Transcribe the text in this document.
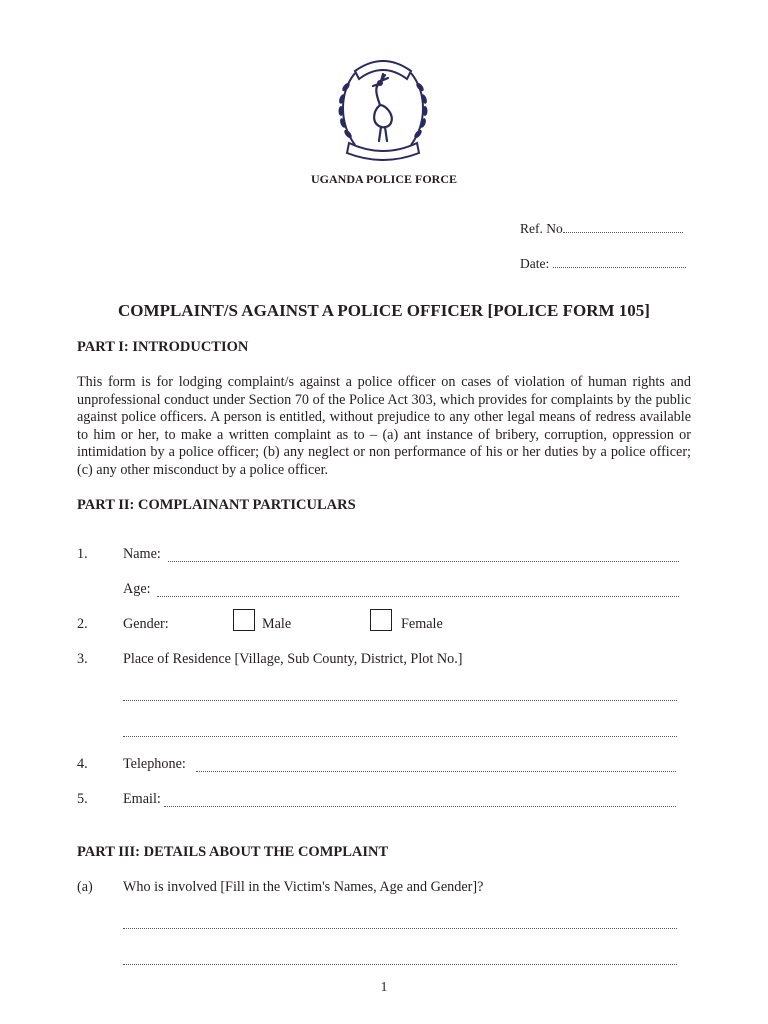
UGANDA POLICE FORCE
Ref. No
Date:
COMPLAINT/S AGAINST A POLICE OFFICER [POLICE FORM 105]
PART I: INTRODUCTION

This form is for lodging complaint/s against a police officer on cases of violation of human rights and unprofessional conduct under Section 70 of the Police Act 303, which provides for complaints by the public against police officers. A person is entitled, without prejudice to any other legal means of redress available to him or her, to make a written complaint as to – (a) ant instance of bribery, corruption, oppression or intimidation by a police officer; (b) any neglect or non performance of his or her duties by a police officer; (c) any other misconduct by a police officer.

PART II: COMPLAINANT PARTICULARS
1. Name:
Age:
2. Gender:	Male	Female
3. Place of Residence [Village, Sub County, District, Plot No.]
4. Telephone:
5. Email:
PART III: DETAILS ABOUT THE COMPLAINT
(a) Who is involved [Fill in the Victim's Names, Age and Gender]?
1
